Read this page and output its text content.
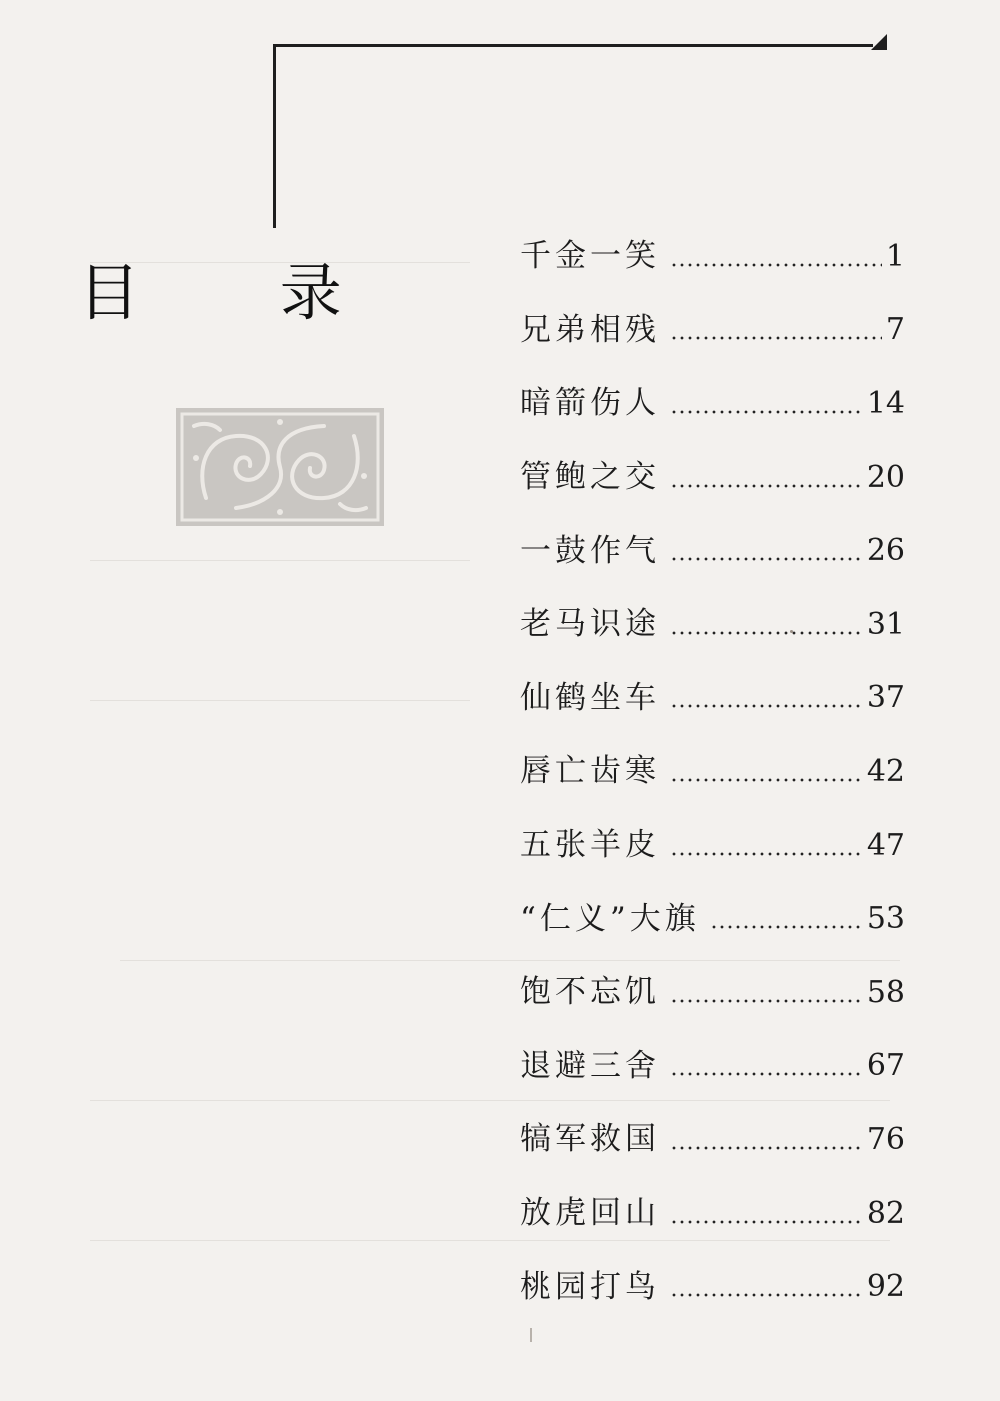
目 录	千金一笑	1
兄弟相残	7
暗箭伤人	14
管鲍之交	20
一鼓作气	26
老马识途	31
仙鹤坐车	37
唇亡齿寒	42
五张羊皮	47
“仁义”大旗	53
饱不忘饥	58
退避三舍	67
犒军救国	76
放虎回山	82
桃园打鸟	92
